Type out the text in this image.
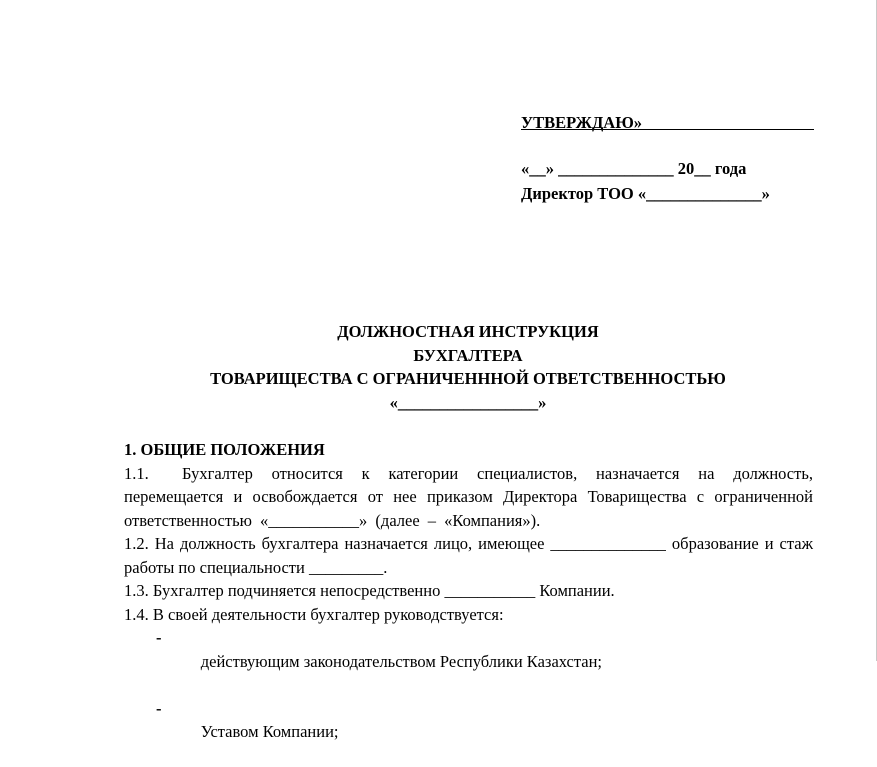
УТВЕРЖДАЮ»

Директор ТОО «______________»

«__» ______________ 20__ года
ДОЛЖНОСТНАЯ ИНСТРУКЦИЯ
БУХГАЛТЕРА
ТОВАРИЩЕСТВА С ОГРАНИЧЕНННОЙ ОТВЕТСТВЕННОСТЬЮ
«_________________»
1. ОБЩИЕ ПОЛОЖЕНИЯ
1.1. Бухгалтер относится к категории специалистов, назначается на должность, перемещается и освобождается от нее приказом Директора Товарищества с ограниченной ответственностью «___________» (далее – «Компания»).
1.2. На должность бухгалтера назначается лицо, имеющее ______________ образование и стаж работы по специальности _________.
1.3. Бухгалтер подчиняется непосредственно ___________ Компании.
1.4. В своей деятельности бухгалтер руководствуется:

-
действующим законодательством Республики Казахстан;

-
Уставом Компании;
